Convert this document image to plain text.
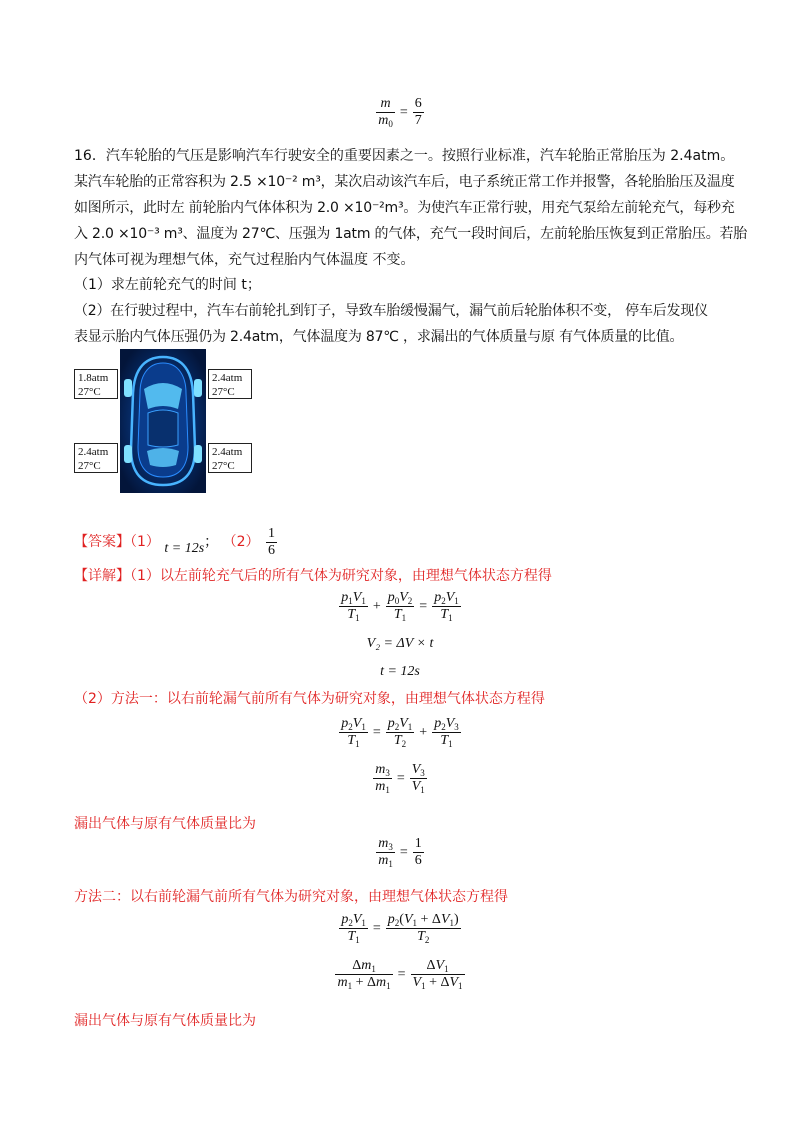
$\frac{m}{m_0} = \frac{6}{7}$
16．汽车轮胎的气压是影响汽车行驶安全的重要因素之一。按照行业标准，汽车轮胎正常胎压为 2.4atm。
某汽车轮胎的正常容积为 2.5 ×10⁻² m³，某次启动该汽车后，电子系统正常工作并报警，各轮胎胎压及温度
如图所示，此时左 前轮胎内气体体积为 2.0 ×10⁻²m³。为使汽车正常行驶，用充气泵给左前轮充气，每秒充
入 2.0 ×10⁻³ m³、温度为 27℃、压强为 1atm 的气体，充气一段时间后，左前轮胎压恢复到正常胎压。若胎
内气体可视为理想气体，充气过程胎内气体温度 不变。
（1）求左前轮充气的时间 t；
（2）在行驶过程中，汽车右前轮扎到钉子，导致车胎缓慢漏气，漏气前后轮胎体积不变， 停车后发现仪
表显示胎内气体压强仍为 2.4atm，气体温度为 87℃ ，求漏出的气体质量与原 有气体质量的比值。
1.8atm
27°C
2.4atm
27°C
2.4atm
27°C
2.4atm
27°C
【答案】（1） t = 12s； $(2) \frac{1}{6}$
【详解】（1）以左前轮充气后的所有气体为研究对象，由理想气体状态方程得
$\frac{p_1V_1}{T_1} + \frac{p_0V_2}{T_1} = \frac{p_2V_1}{T_1}$
V₂ = ΔV × t
t = 12s
（2）方法一：以右前轮漏气前所有气体为研究对象，由理想气体状态方程得
$\frac{p_2V_1}{T_1} = \frac{p_2V_1}{T_2} + \frac{p_2V_3}{T_1}$
$\frac{m_3}{m_1} = \frac{V_3}{V_1}$
漏出气体与原有气体质量比为
$\frac{m_3}{m_1} = \frac{1}{6}$
方法二：以右前轮漏气前所有气体为研究对象，由理想气体状态方程得
$\frac{p_2V_1}{T_1} = \frac{p_2(V_1 + \Delta V_1)}{T_2}$
$\frac{\Delta m_1}{m_1 + \Delta m_1} = \frac{\Delta V_1}{V_1 + \Delta V_1}$
漏出气体与原有气体质量比为
